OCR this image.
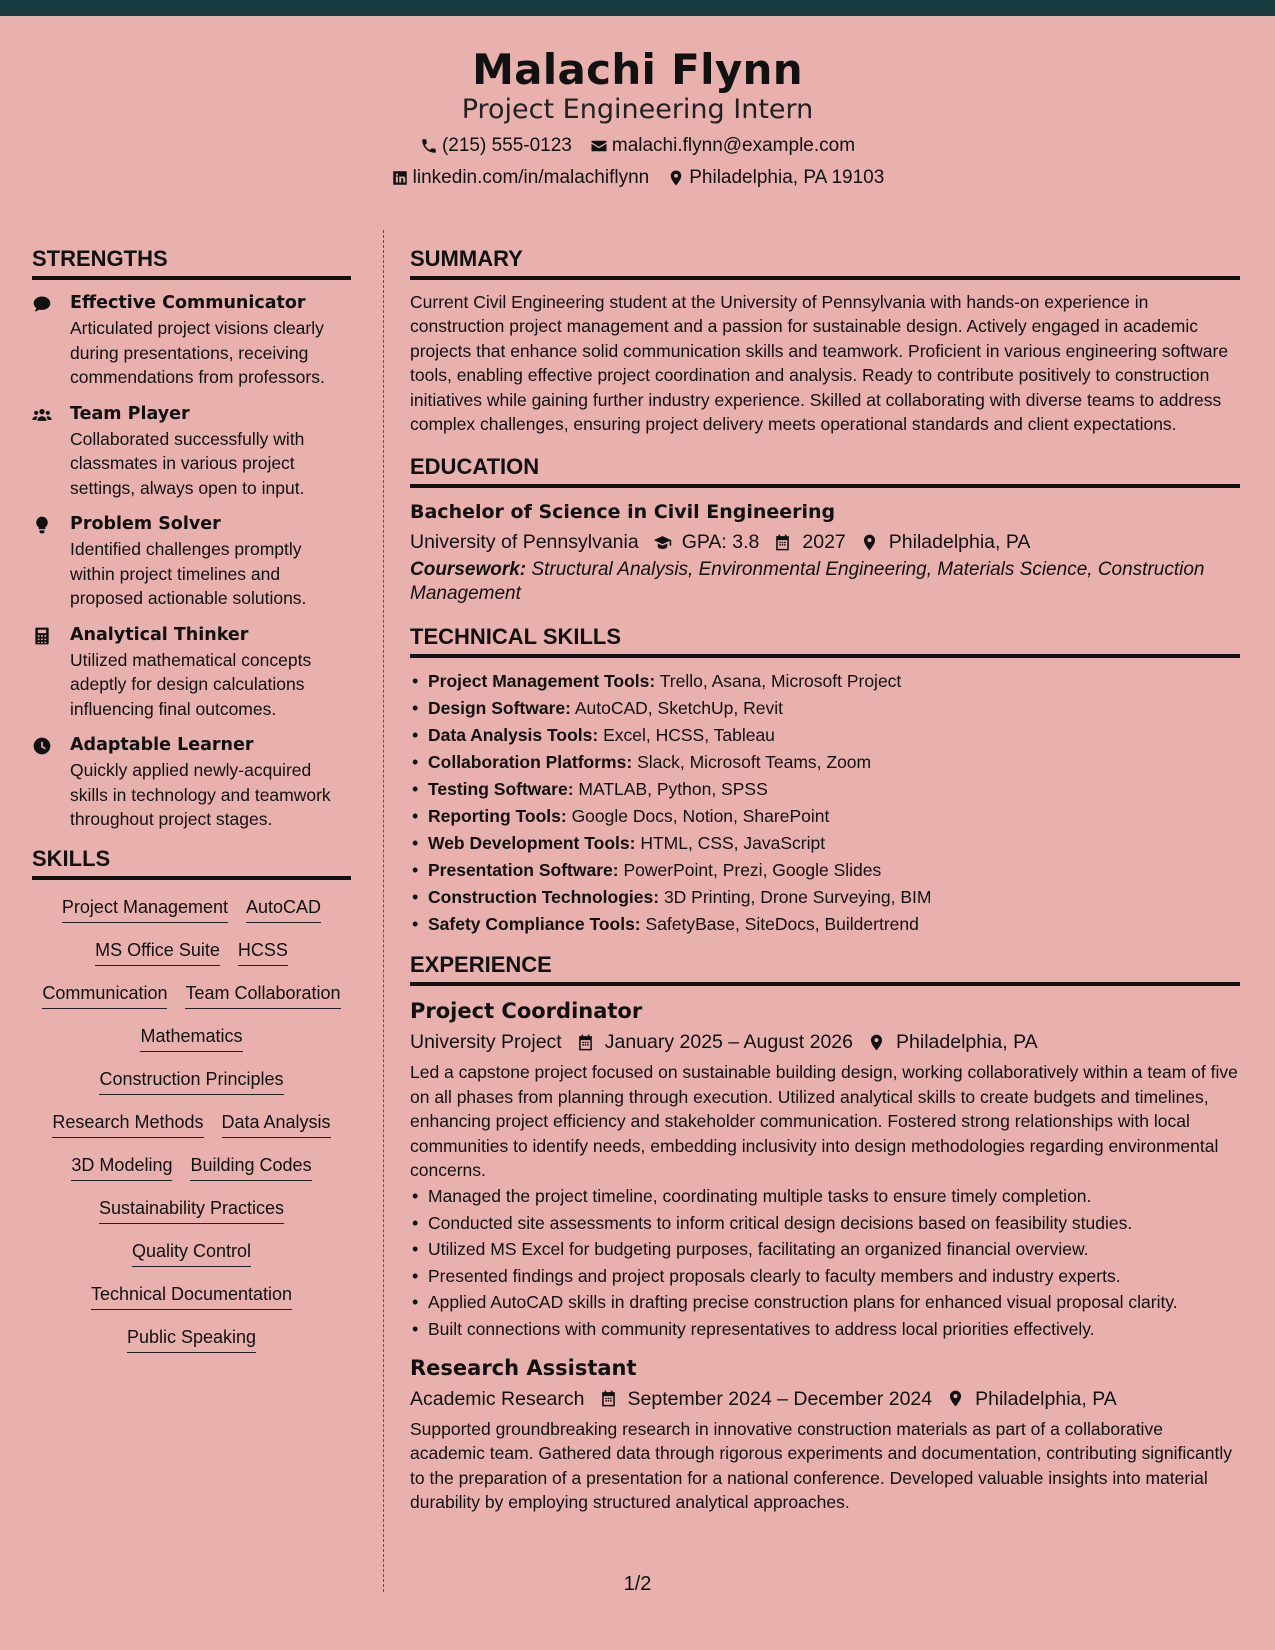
Malachi Flynn
Project Engineering Intern
(215) 555-0123 malachi.flynn@example.com
linkedin.com/in/malachiflynn Philadelphia, PA 19103
STRENGTHS
Effective Communicator
Articulated project visions clearly during presentations, receiving commendations from professors.
Team Player
Collaborated successfully with classmates in various project settings, always open to input.
Problem Solver
Identified challenges promptly within project timelines and proposed actionable solutions.
Analytical Thinker
Utilized mathematical concepts adeptly for design calculations influencing final outcomes.
Adaptable Learner
Quickly applied newly-acquired skills in technology and teamwork throughout project stages.
SKILLS
Project Management AutoCAD
MS Office Suite HCSS
Communication Team Collaboration
Mathematics
Construction Principles
Research Methods Data Analysis
3D Modeling Building Codes
Sustainability Practices
Quality Control
Technical Documentation
Public Speaking
SUMMARY
Current Civil Engineering student at the University of Pennsylvania with hands-on experience in construction project management and a passion for sustainable design. Actively engaged in academic projects that enhance solid communication skills and teamwork. Proficient in various engineering software tools, enabling effective project coordination and analysis. Ready to contribute positively to construction initiatives while gaining further industry experience. Skilled at collaborating with diverse teams to address complex challenges, ensuring project delivery meets operational standards and client expectations.
EDUCATION
Bachelor of Science in Civil Engineering
University of Pennsylvania GPA: 3.8 2027 Philadelphia, PA
Coursework: Structural Analysis, Environmental Engineering, Materials Science, Construction Management
TECHNICAL SKILLS
• Project Management Tools: Trello, Asana, Microsoft Project
• Design Software: AutoCAD, SketchUp, Revit
• Data Analysis Tools: Excel, HCSS, Tableau
• Collaboration Platforms: Slack, Microsoft Teams, Zoom
• Testing Software: MATLAB, Python, SPSS
• Reporting Tools: Google Docs, Notion, SharePoint
• Web Development Tools: HTML, CSS, JavaScript
• Presentation Software: PowerPoint, Prezi, Google Slides
• Construction Technologies: 3D Printing, Drone Surveying, BIM
• Safety Compliance Tools: SafetyBase, SiteDocs, Buildertrend
EXPERIENCE
Project Coordinator
University Project January 2025 – August 2026 Philadelphia, PA
Led a capstone project focused on sustainable building design, working collaboratively within a team of five on all phases from planning through execution. Utilized analytical skills to create budgets and timelines, enhancing project efficiency and stakeholder communication. Fostered strong relationships with local communities to identify needs, embedding inclusivity into design methodologies regarding environmental concerns.
• Managed the project timeline, coordinating multiple tasks to ensure timely completion.
• Conducted site assessments to inform critical design decisions based on feasibility studies.
• Utilized MS Excel for budgeting purposes, facilitating an organized financial overview.
• Presented findings and project proposals clearly to faculty members and industry experts.
• Applied AutoCAD skills in drafting precise construction plans for enhanced visual proposal clarity.
• Built connections with community representatives to address local priorities effectively.
Research Assistant
Academic Research September 2024 – December 2024 Philadelphia, PA
Supported groundbreaking research in innovative construction materials as part of a collaborative academic team. Gathered data through rigorous experiments and documentation, contributing significantly to the preparation of a presentation for a national conference. Developed valuable insights into material durability by employing structured analytical approaches.
1/2
